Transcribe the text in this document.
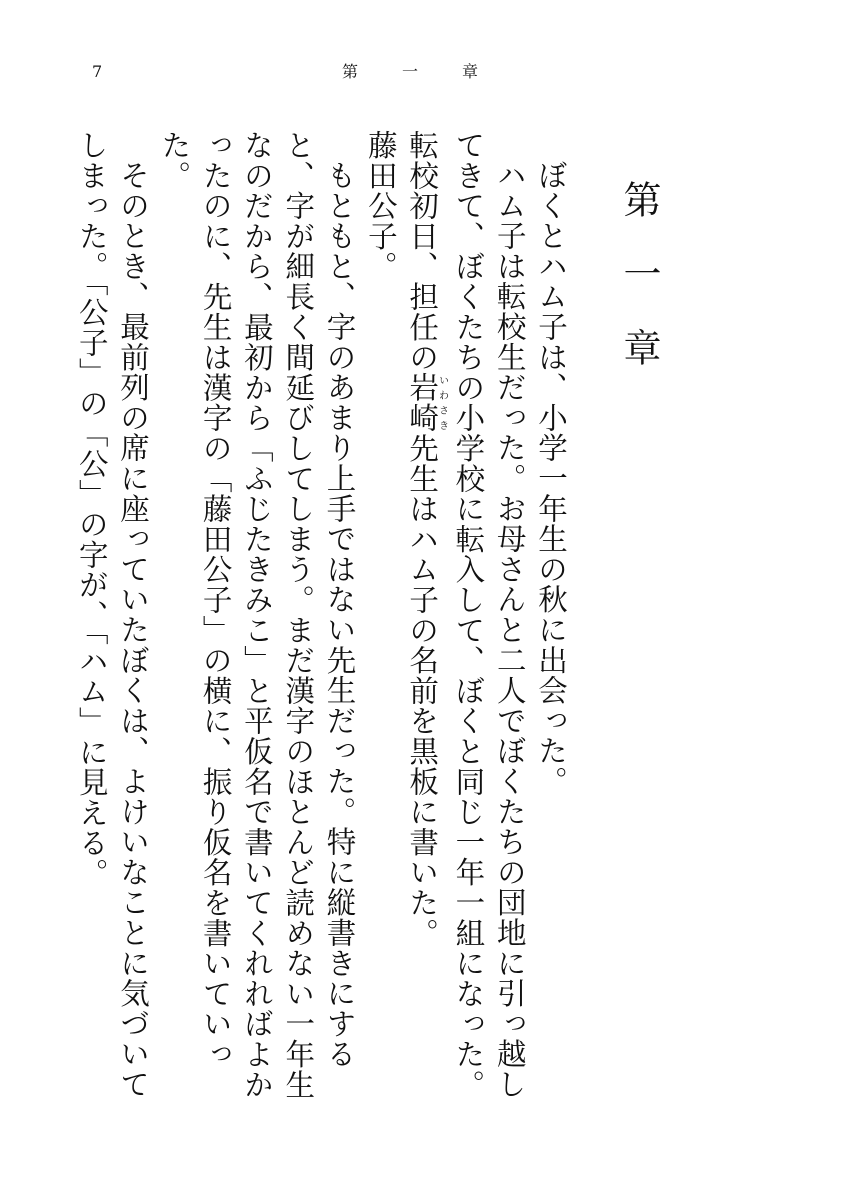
7	第一章
第一章

ぼくとハム子は、小学一年生の秋に出会った。

ハム子は転校生だった。お母さんと二人でぼくたちの団地に引っ越してきて、ぼくたちの小学校に転入して、ぼくと同じ一年一組になった。

転校初日、担任の岩崎いわさき先生はハム子の名前を黒板に書いた。

藤田公子。

もともと、字のあまり上手ではない先生だった。特に縦書きにすると、字が細長く間延びしてしまう。まだ漢字のほとんど読めない一年生なのだから、最初から「ふじたきみこ」と平仮名で書いてくれればよかったのに、先生は漢字の「藤田公子」の横に、振り仮名を書いていった。

そのとき、最前列の席に座っていたぼくは、よけいなことに気づいてしまった。「公子」の「公」の字が、「ハム」に見える。
